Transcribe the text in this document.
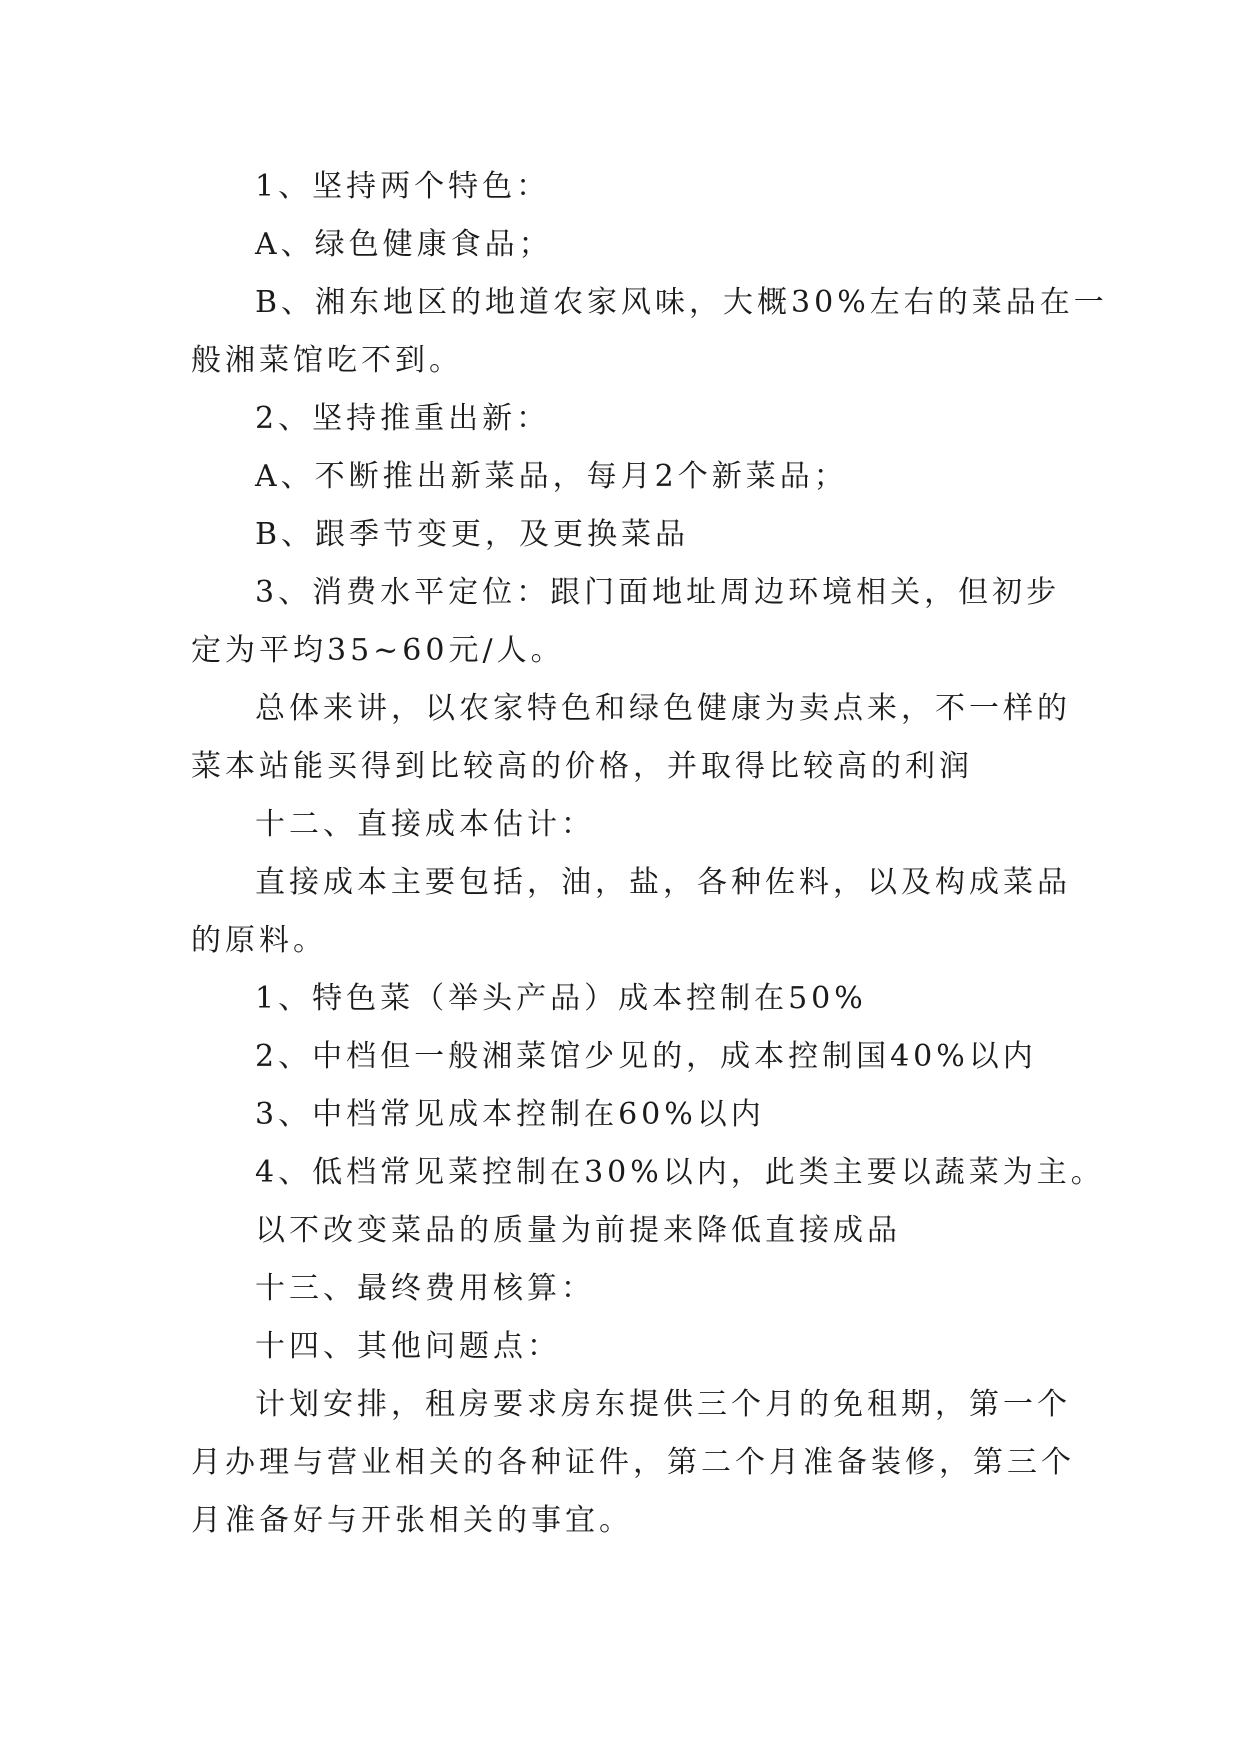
1、坚持两个特色：

A、绿色健康食品；

B、湘东地区的地道农家风味，大概30%左右的菜品在一
般湘菜馆吃不到。

2、坚持推重出新：

A、不断推出新菜品，每月2个新菜品；

B、跟季节变更，及更换菜品

3、消费水平定位：跟门面地址周边环境相关，但初步
定为平均35~60元/人。

总体来讲，以农家特色和绿色健康为卖点来，不一样的
菜本站能买得到比较高的价格，并取得比较高的利润

十二、直接成本估计：

直接成本主要包括，油，盐，各种佐料，以及构成菜品
的原料。

1、特色菜（举头产品）成本控制在50%

2、中档但一般湘菜馆少见的，成本控制国40%以内

3、中档常见成本控制在60%以内

4、低档常见菜控制在30%以内，此类主要以蔬菜为主。

以不改变菜品的质量为前提来降低直接成品

十三、最终费用核算：

十四、其他问题点：

计划安排，租房要求房东提供三个月的免租期，第一个
月办理与营业相关的各种证件，第二个月准备装修，第三个
月准备好与开张相关的事宜。
